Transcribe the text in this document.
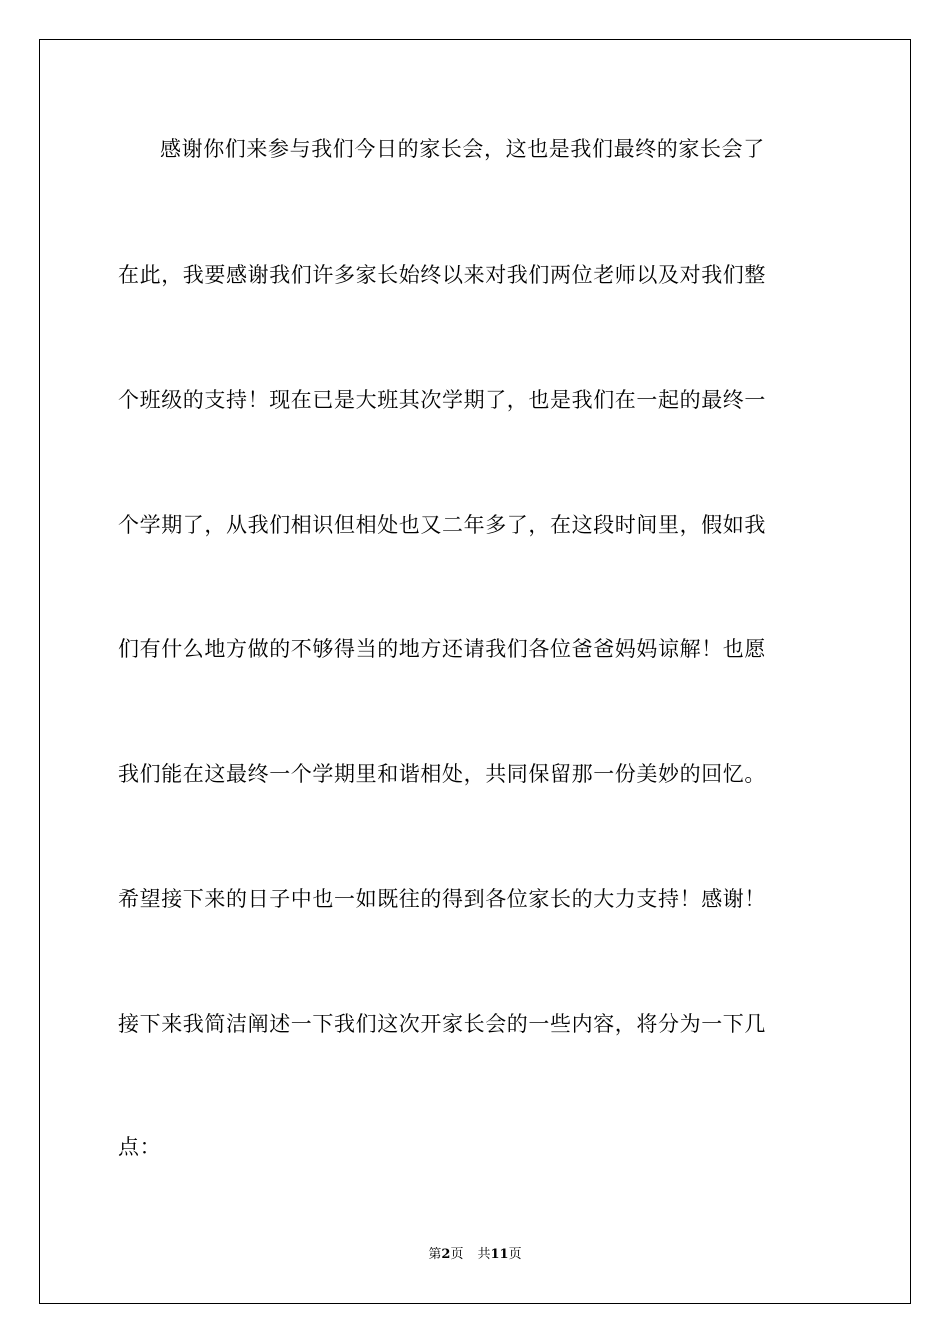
感谢你们来参与我们今日的家长会，这也是我们最终的家长会了
在此，我要感谢我们许多家长始终以来对我们两位老师以及对我们整
个班级的支持！现在已是大班其次学期了，也是我们在一起的最终一
个学期了，从我们相识但相处也又二年多了，在这段时间里，假如我
们有什么地方做的不够得当的地方还请我们各位爸爸妈妈谅解！也愿
我们能在这最终一个学期里和谐相处，共同保留那一份美妙的回忆。
希望接下来的日子中也一如既往的得到各位家长的大力支持！感谢！
接下来我简洁阐述一下我们这次开家长会的一些内容，将分为一下几
点：
第2页 共11页
